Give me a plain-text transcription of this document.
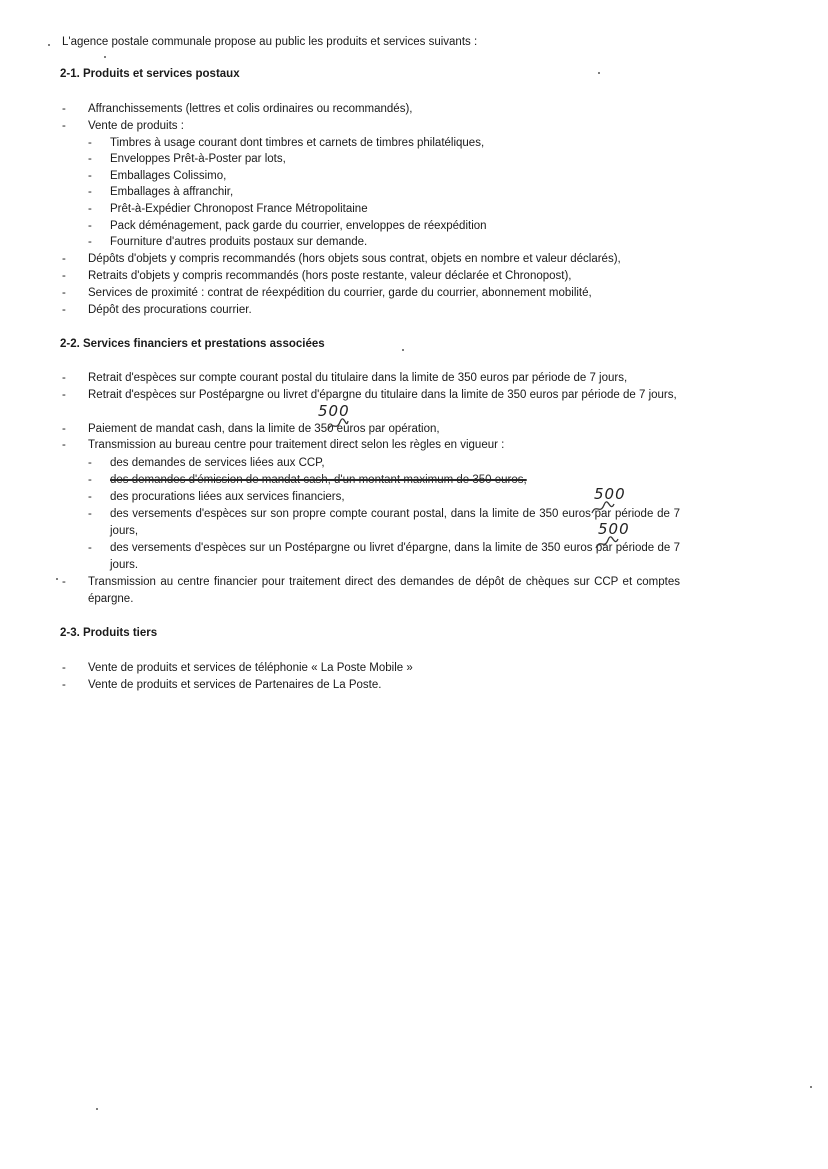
L'agence postale communale propose au public les produits et services suivants :
2-1. Produits et services postaux
- Affranchissements (lettres et colis ordinaires ou recommandés),
- Vente de produits :
- Timbres à usage courant dont timbres et carnets de timbres philatéliques,
- Enveloppes Prêt-à-Poster par lots,
- Emballages Colissimo,
- Emballages à affranchir,
- Prêt-à-Expédier Chronopost France Métropolitaine
- Pack déménagement, pack garde du courrier, enveloppes de réexpédition
- Fourniture d'autres produits postaux sur demande.
- Dépôts d'objets y compris recommandés (hors objets sous contrat, objets en nombre et valeur déclarés),
- Retraits d'objets y compris recommandés (hors poste restante, valeur déclarée et Chronopost),
- Services de proximité : contrat de réexpédition du courrier, garde du courrier, abonnement mobilité,
- Dépôt des procurations courrier.
2-2. Services financiers et prestations associées
- Retrait d'espèces sur compte courant postal du titulaire dans la limite de 350 euros par période de 7 jours,
- Retrait d'espèces sur Postépargne ou livret d'épargne du titulaire dans la limite de 350 euros par période de 7 jours,
- Paiement de mandat cash, dans la limite de 350 euros par opération,
- Transmission au bureau centre pour traitement direct selon les règles en vigueur :
- des demandes de services liées aux CCP,
- des demandes d'émission de mandat cash, d'un montant maximum de 350 euros,
- des procurations liées aux services financiers,
- des versements d'espèces sur son propre compte courant postal, dans la limite de 350 euros par période de 7 jours,
- des versements d'espèces sur un Postépargne ou livret d'épargne, dans la limite de 350 euros par période de 7 jours.
- Transmission au centre financier pour traitement direct des demandes de dépôt de chèques sur CCP et comptes épargne.
2-3. Produits tiers
- Vente de produits et services de téléphonie « La Poste Mobile »
- Vente de produits et services de Partenaires de La Poste.
500
500
500
